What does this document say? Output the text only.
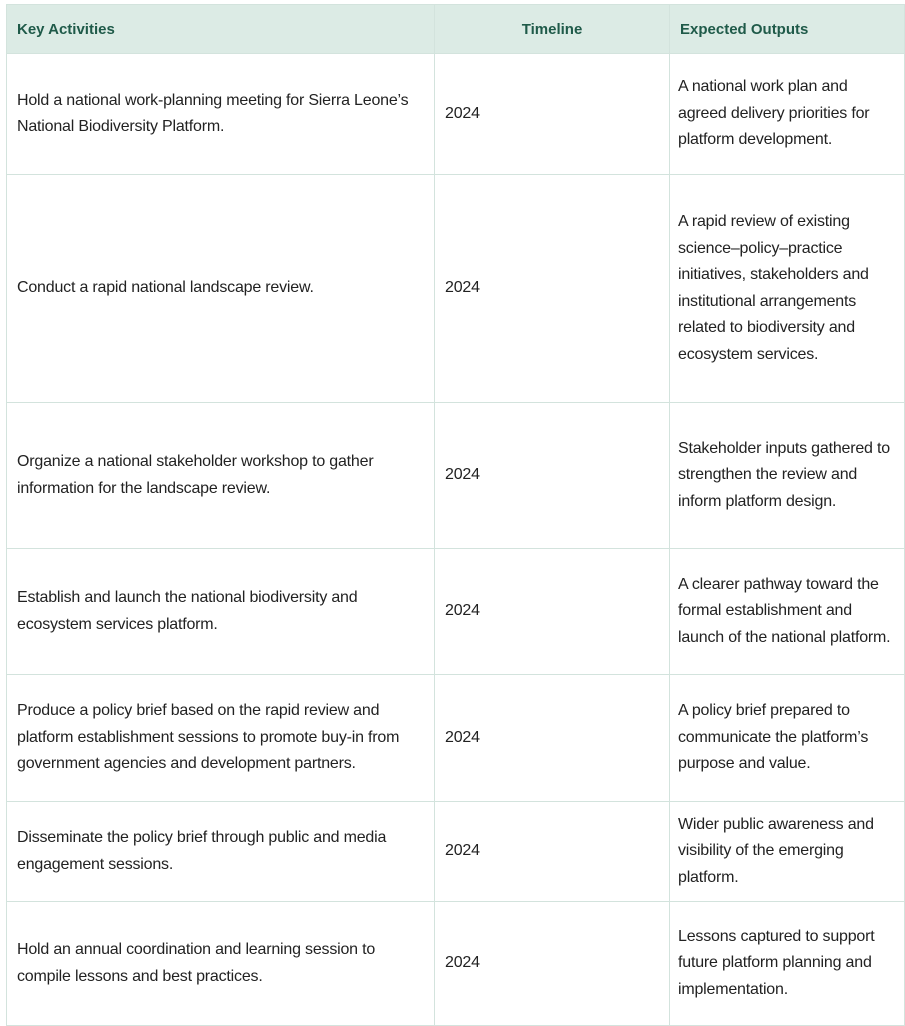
Key Activities	Timeline	Expected Outputs
Hold a national work-planning meeting for Sierra Leone’s National Biodiversity Platform.	2024	A national work plan and agreed delivery priorities for platform development.
Conduct a rapid national landscape review.	2024	A rapid review of existing science–policy–practice initiatives, stakeholders and institutional arrangements related to biodiversity and ecosystem services.
Organize a national stakeholder workshop to gather information for the landscape review.	2024	Stakeholder inputs gathered to strengthen the review and inform platform design.
Establish and launch the national biodiversity and ecosystem services platform.	2024	A clearer pathway toward the formal establishment and launch of the national platform.
Produce a policy brief based on the rapid review and platform establishment sessions to promote buy-in from government agencies and development partners.	2024	A policy brief prepared to communicate the platform’s purpose and value.
Disseminate the policy brief through public and media engagement sessions.	2024	Wider public awareness and visibility of the emerging platform.
Hold an annual coordination and learning session to compile lessons and best practices.	2024	Lessons captured to support future platform planning and implementation.
